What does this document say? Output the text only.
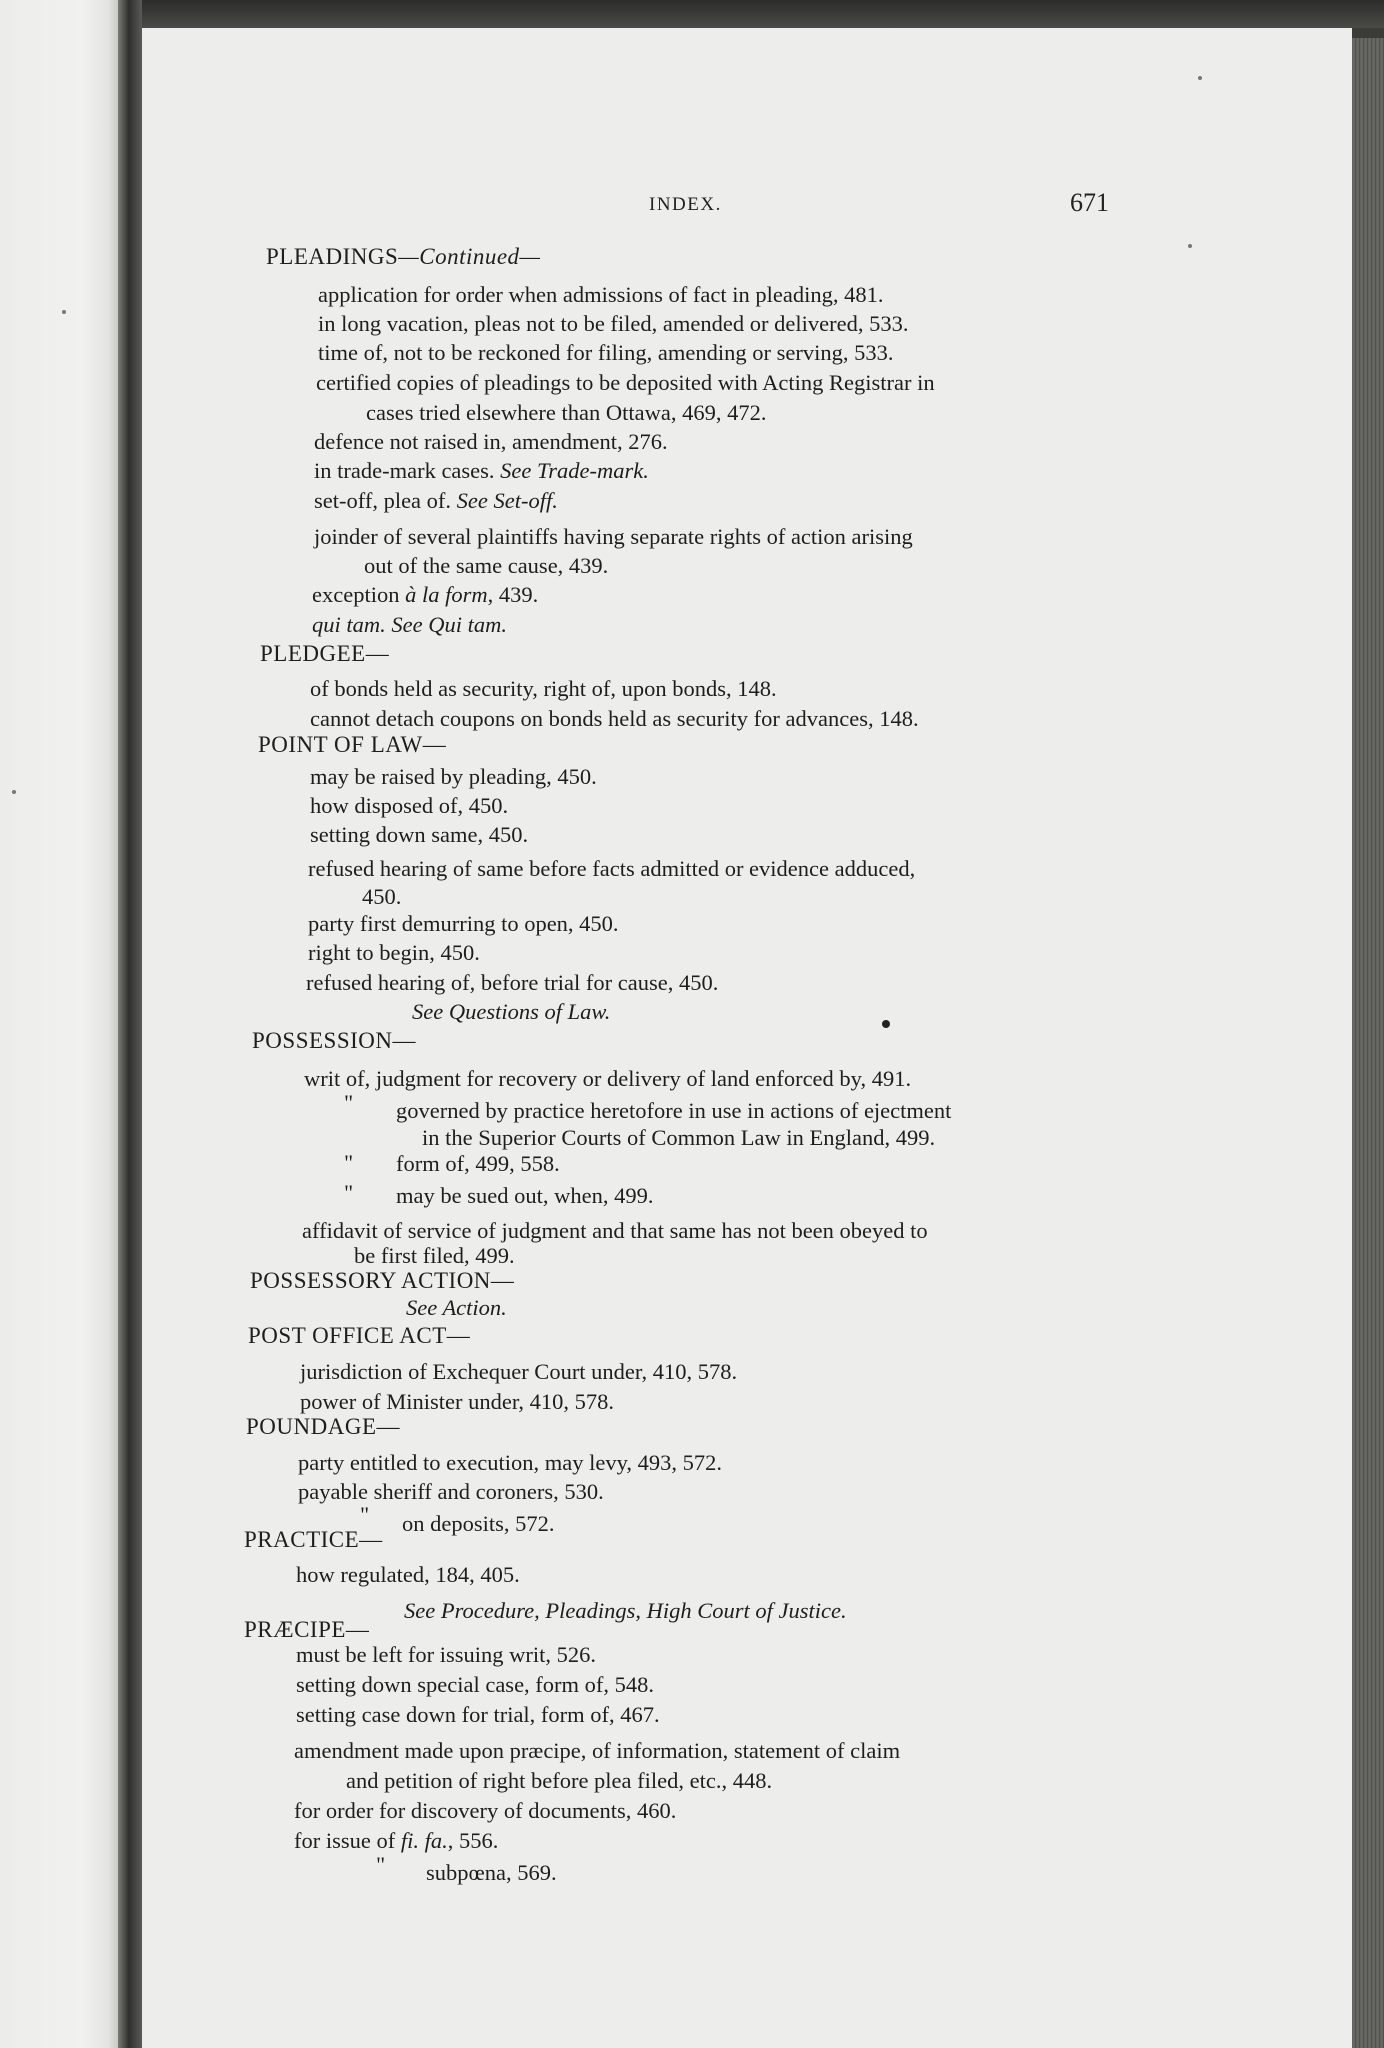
INDEX.	671
PLEADINGS—Continued—
application for order when admissions of fact in pleading, 481.
in long vacation, pleas not to be filed, amended or delivered, 533.
time of, not to be reckoned for filing, amending or serving, 533.
certified copies of pleadings to be deposited with Acting Registrar in
cases tried elsewhere than Ottawa, 469, 472.
defence not raised in, amendment, 276.
in trade-mark cases. See Trade-mark.
set-off, plea of. See Set-off.
joinder of several plaintiffs having separate rights of action arising
out of the same cause, 439.
exception à la form, 439.
qui tam. See Qui tam.
PLEDGEE—
of bonds held as security, right of, upon bonds, 148.
cannot detach coupons on bonds held as security for advances, 148.
POINT OF LAW—
may be raised by pleading, 450.
how disposed of, 450.
setting down same, 450.
refused hearing of same before facts admitted or evidence adduced,
450.
party first demurring to open, 450.
right to begin, 450.
refused hearing of, before trial for cause, 450.
See Questions of Law.
POSSESSION—
writ of, judgment for recovery or delivery of land enforced by, 491.
" governed by practice heretofore in use in actions of ejectment
in the Superior Courts of Common Law in England, 499.
" form of, 499, 558.
" may be sued out, when, 499.
affidavit of service of judgment and that same has not been obeyed to
be first filed, 499.
POSSESSORY ACTION—
See Action.
POST OFFICE ACT—
jurisdiction of Exchequer Court under, 410, 578.
power of Minister under, 410, 578.
POUNDAGE—
party entitled to execution, may levy, 493, 572.
payable sheriff and coroners, 530.
" on deposits, 572.
PRACTICE—
how regulated, 184, 405.
See Procedure, Pleadings, High Court of Justice.
PRÆCIPE—
must be left for issuing writ, 526.
setting down special case, form of, 548.
setting case down for trial, form of, 467.
amendment made upon præcipe, of information, statement of claim
and petition of right before plea filed, etc., 448.
for order for discovery of documents, 460.
for issue of fi. fa., 556.
" subpœna, 569.
